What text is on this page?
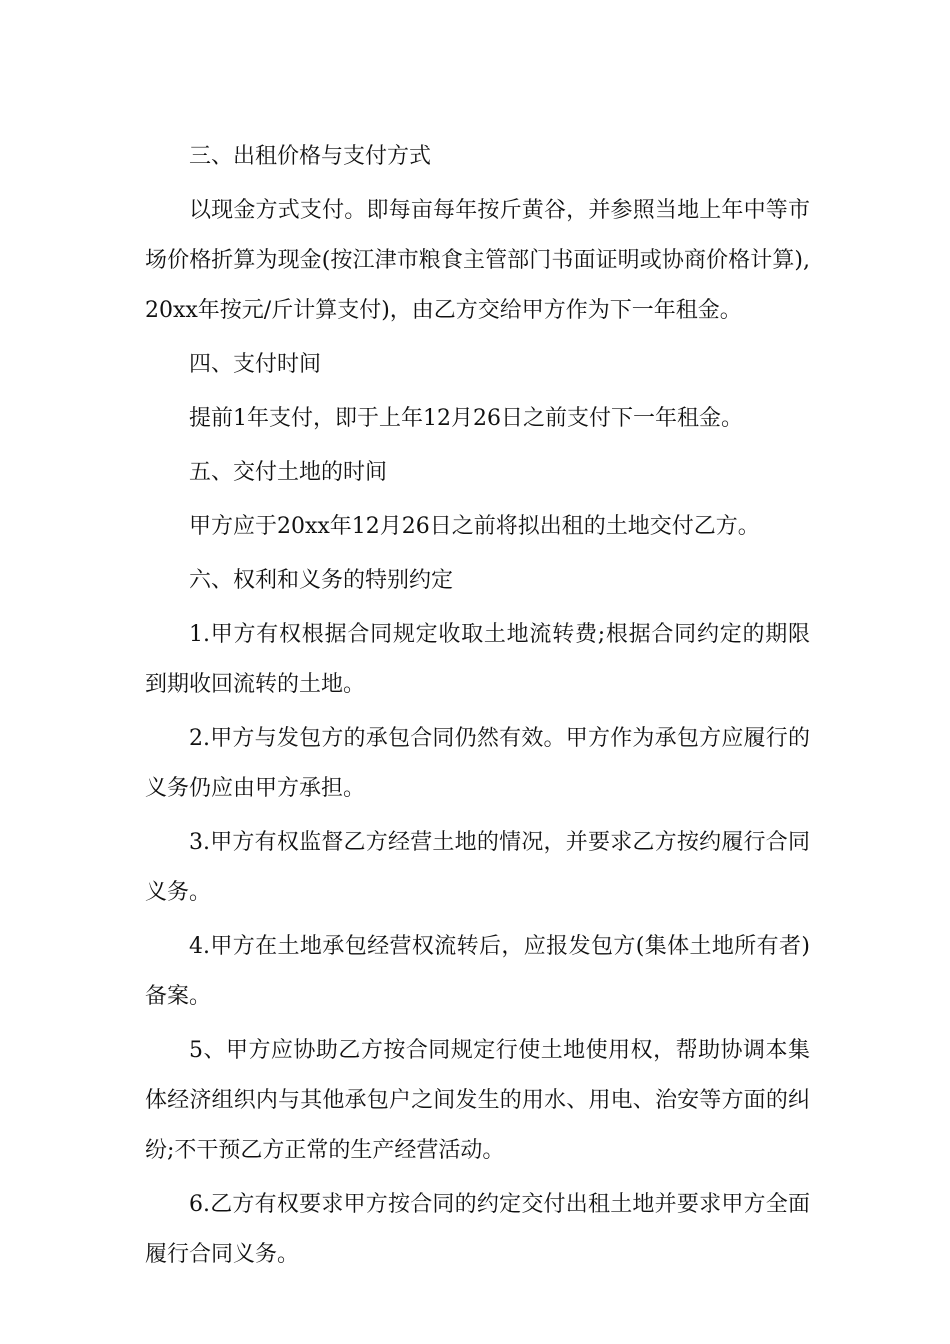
三、出租价格与支付方式

以现金方式支付。即每亩每年按斤黄谷，并参照当地上年中等市场价格折算为现金(按江津市粮食主管部门书面证明或协商价格计算),20xx年按元/斤计算支付)，由乙方交给甲方作为下一年租金。

四、支付时间

提前1年支付，即于上年12月26日之前支付下一年租金。

五、交付土地的时间

甲方应于20xx年12月26日之前将拟出租的土地交付乙方。

六、权利和义务的特别约定

1.甲方有权根据合同规定收取土地流转费;根据合同约定的期限到期收回流转的土地。

2.甲方与发包方的承包合同仍然有效。甲方作为承包方应履行的义务仍应由甲方承担。

3.甲方有权监督乙方经营土地的情况，并要求乙方按约履行合同义务。

4.甲方在土地承包经营权流转后，应报发包方(集体土地所有者)备案。

5、甲方应协助乙方按合同规定行使土地使用权，帮助协调本集体经济组织内与其他承包户之间发生的用水、用电、治安等方面的纠纷;不干预乙方正常的生产经营活动。

6.乙方有权要求甲方按合同的约定交付出租土地并要求甲方全面履行合同义务。
